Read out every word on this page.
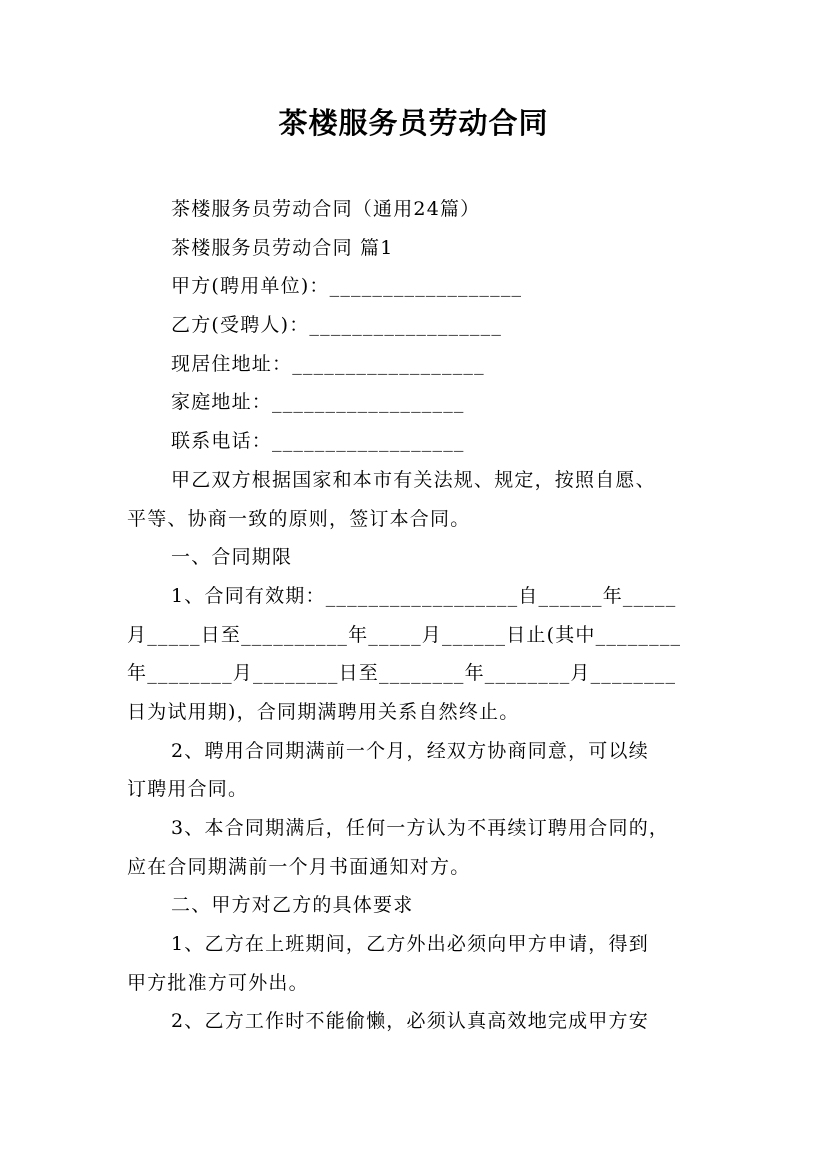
茶楼服务员劳动合同
茶楼服务员劳动合同（通用24篇）
茶楼服务员劳动合同 篇1
甲方(聘用单位)：__________________
乙方(受聘人)：__________________
现居住地址：__________________
家庭地址：__________________
联系电话：__________________
甲乙双方根据国家和本市有关法规、规定，按照自愿、
平等、协商一致的原则，签订本合同。
一、合同期限
1、合同有效期：__________________自______年_____
月_____日至__________年_____月______日止(其中________
年________月________日至________年________月________
日为试用期)，合同期满聘用关系自然终止。
2、聘用合同期满前一个月，经双方协商同意，可以续
订聘用合同。
3、本合同期满后，任何一方认为不再续订聘用合同的，
应在合同期满前一个月书面通知对方。
二、甲方对乙方的具体要求
1、乙方在上班期间，乙方外出必须向甲方申请，得到
甲方批准方可外出。
2、乙方工作时不能偷懒，必须认真高效地完成甲方安
